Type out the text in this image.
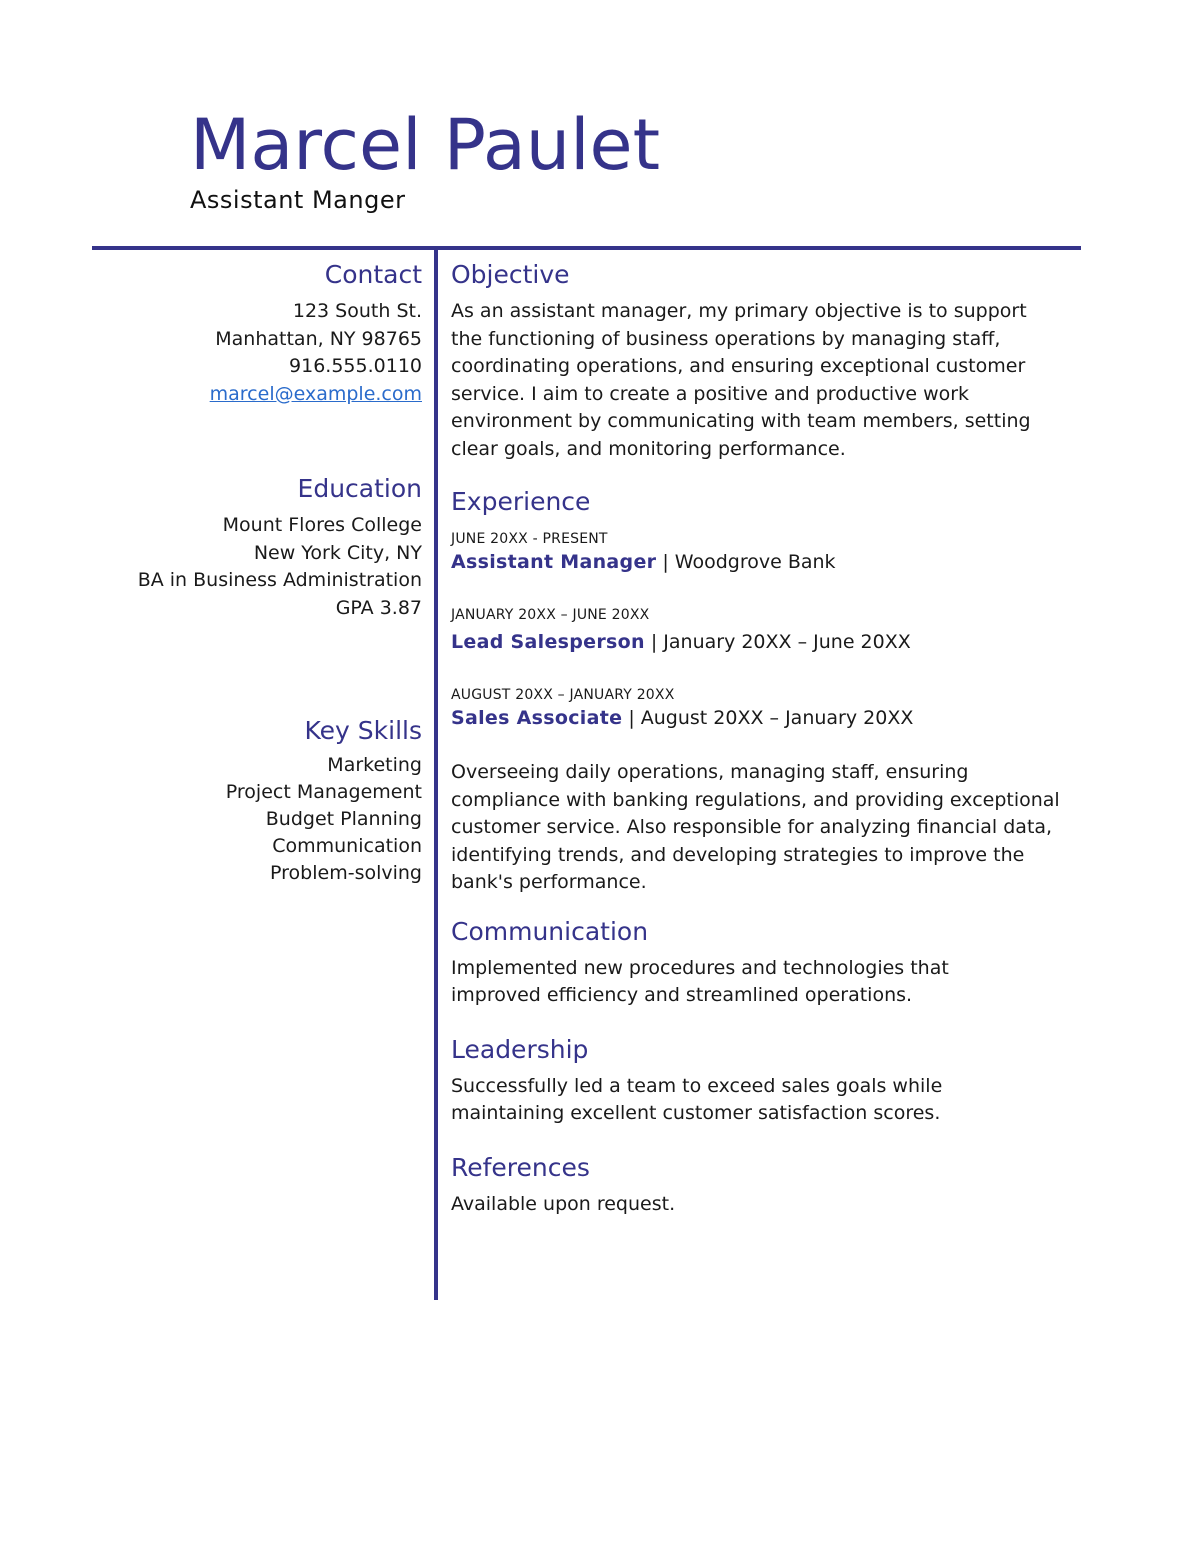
Marcel Paulet
Assistant Manger
Contact
123 South St.
Manhattan, NY 98765
916.555.0110
marcel@example.com
Education
Mount Flores College
New York City, NY
BA in Business Administration
GPA 3.87
Key Skills
Marketing
Project Management
Budget Planning
Communication
Problem-solving
Objective

As an assistant manager, my primary objective is to support the functioning of business operations by managing staff, coordinating operations, and ensuring exceptional customer service. I aim to create a positive and productive work environment by communicating with team members, setting clear goals, and monitoring performance.

Experience
JUNE 20XX - PRESENT
Assistant Manager | Woodgrove Bank
JANUARY 20XX – JUNE 20XX
Lead Salesperson | January 20XX – June 20XX
AUGUST 20XX – JANUARY 20XX
Sales Associate | August 20XX – January 20XX

Overseeing daily operations, managing staff, ensuring compliance with banking regulations, and providing exceptional customer service. Also responsible for analyzing financial data, identifying trends, and developing strategies to improve the bank's performance.

Communication

Implemented new procedures and technologies that improved efficiency and streamlined operations.

Leadership

Successfully led a team to exceed sales goals while maintaining excellent customer satisfaction scores.

References

Available upon request.
